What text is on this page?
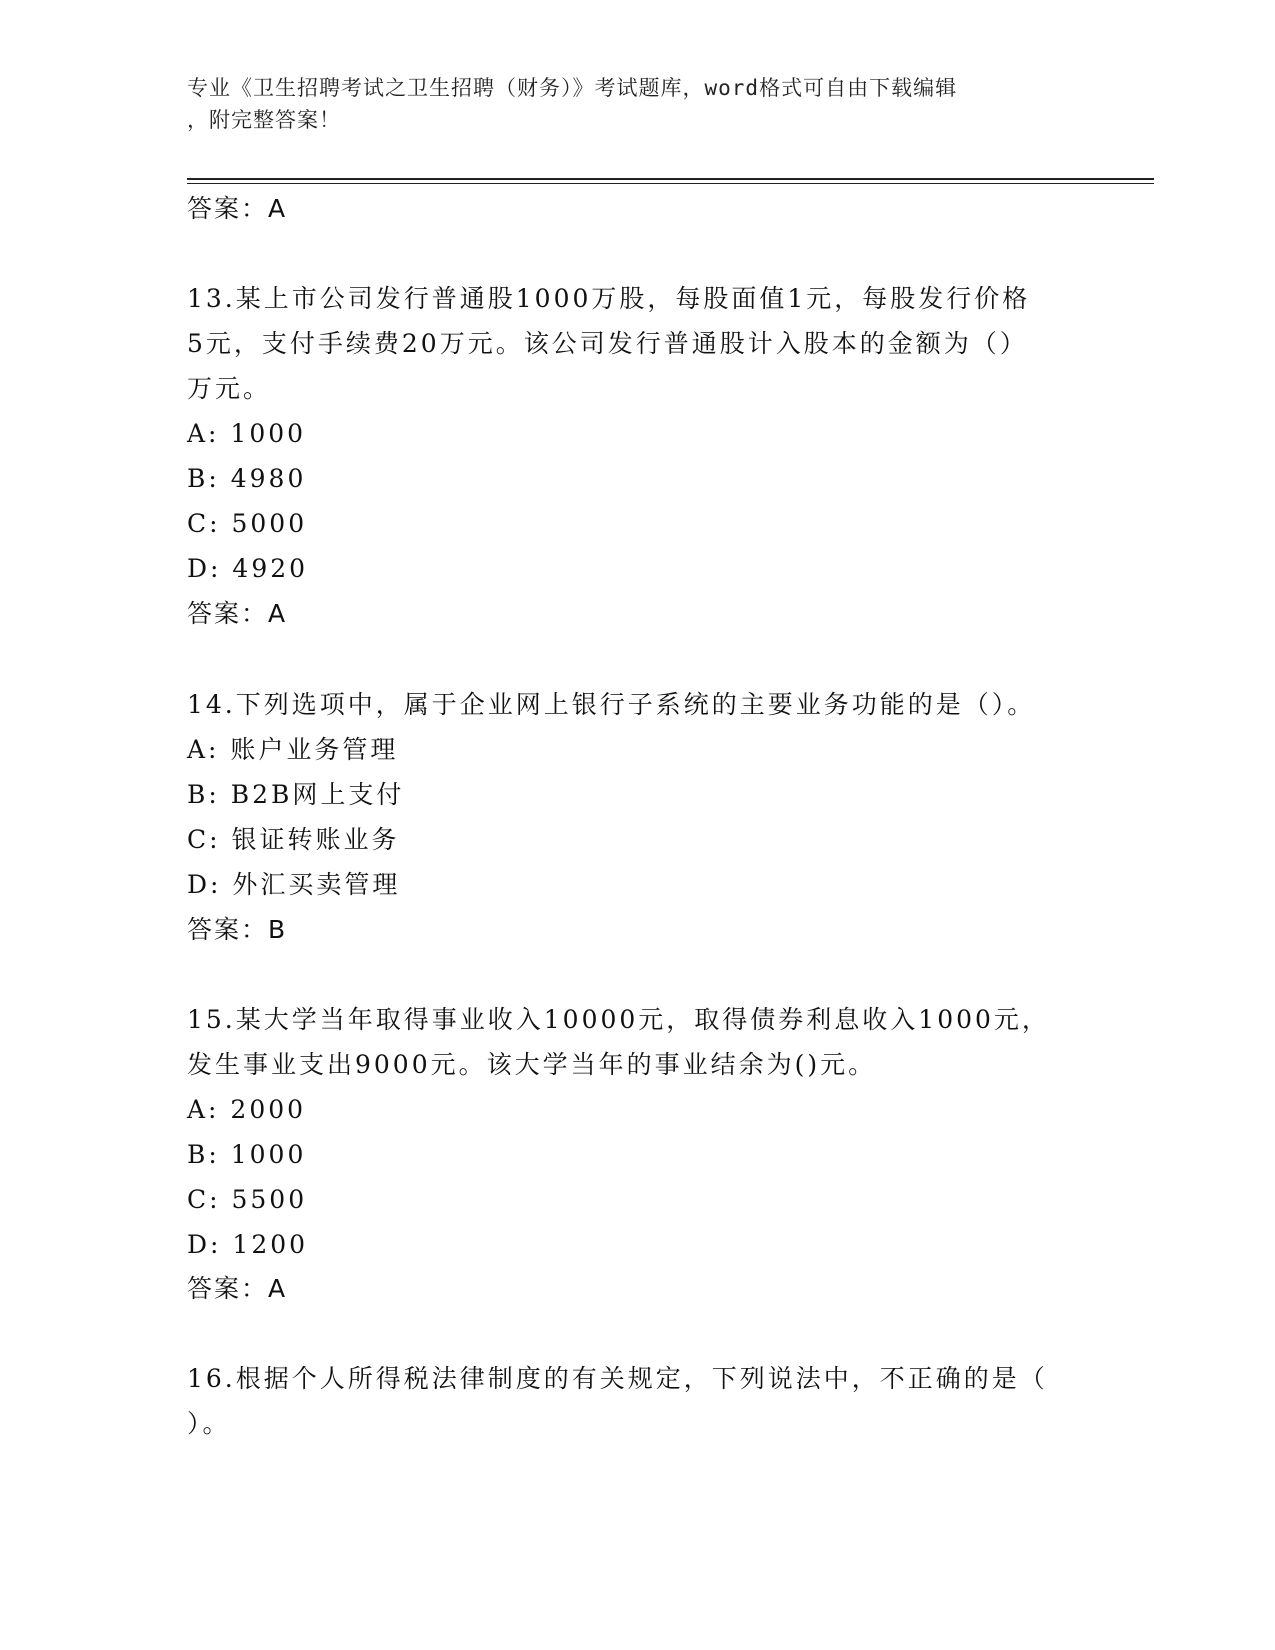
专业《卫生招聘考试之卫生招聘（财务）》考试题库，word格式可自由下载编辑
，附完整答案！
答案：A
13.某上市公司发行普通股1000万股，每股面值1元，每股发行价格
5元，支付手续费20万元。该公司发行普通股计入股本的金额为（）
万元。
A: 1000
B: 4980
C: 5000
D: 4920
答案：A
14.下列选项中，属于企业网上银行子系统的主要业务功能的是（）。
A: 账户业务管理
B: B2B网上支付
C: 银证转账业务
D: 外汇买卖管理
答案：B
15.某大学当年取得事业收入10000元，取得债券利息收入1000元，
发生事业支出9000元。该大学当年的事业结余为()元。
A: 2000
B: 1000
C: 5500
D: 1200
答案：A
16.根据个人所得税法律制度的有关规定，下列说法中，不正确的是（
）。
